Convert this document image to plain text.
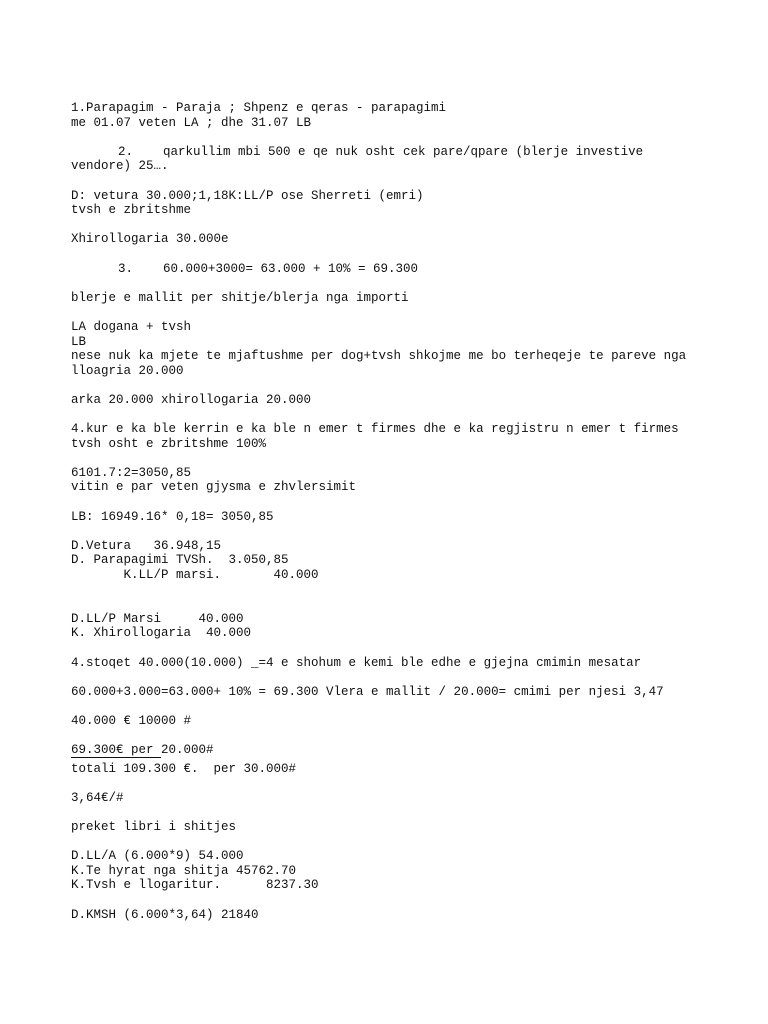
1.Parapagim - Paraja ; Shpenz e qeras - parapagimi
me 01.07 veten LA ; dhe 31.07 LB
2.    qarkullim mbi 500 e qe nuk osht cek pare/qpare (blerje investive
vendore) 25….
D: vetura 30.000;1,18K:LL/P ose Sherreti (emri)
tvsh e zbritshme
Xhirollogaria 30.000e
3.    60.000+3000= 63.000 + 10% = 69.300
blerje e mallit per shitje/blerja nga importi
LA dogana + tvsh
LB
nese nuk ka mjete te mjaftushme per dog+tvsh shkojme me bo terheqeje te pareve nga
lloagria 20.000
arka 20.000 xhirollogaria 20.000
4.kur e ka ble kerrin e ka ble n emer t firmes dhe e ka regjistru n emer t firmes
tvsh osht e zbritshme 100%
6101.7:2=3050,85
vitin e par veten gjysma e zhvlersimit
LB: 16949.16* 0,18= 3050,85
D.Vetura   36.948,15
D. Parapagimi TVSh.  3.050,85
K.LL/P marsi.       40.000
D.LL/P Marsi     40.000
K. Xhirollogaria  40.000
4.stoqet 40.000(10.000) _=4 e shohum e kemi ble edhe e gjejna cmimin mesatar
60.000+3.000=63.000+ 10% = 69.300 Vlera e mallit / 20.000= cmimi per njesi 3,47
40.000 € 10000 #
69.300€ per 20.000#
totali 109.300 €.  per 30.000#
3,64€/#
preket libri i shitjes
D.LL/A (6.000*9) 54.000
K.Te hyrat nga shitja 45762.70
K.Tvsh e llogaritur.      8237.30
D.KMSH (6.000*3,64) 21840
